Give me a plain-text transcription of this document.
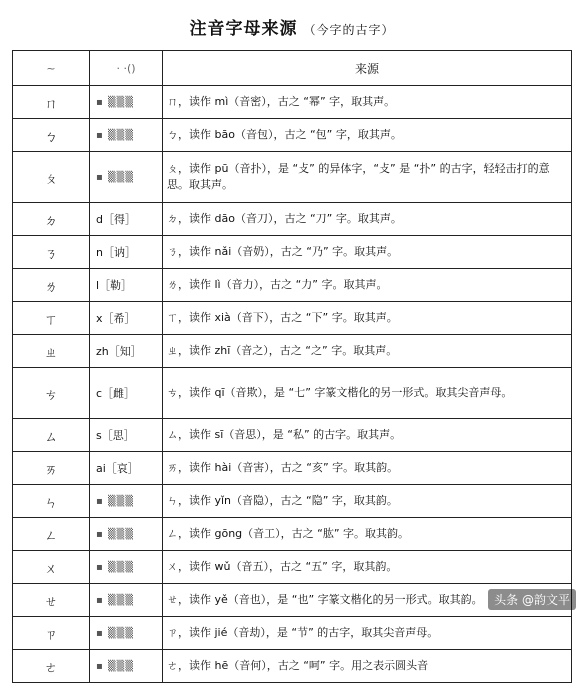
注音字母来源 （今字的古字）
~	· ·()	来源
ㄇ	▪ ▒▒▒	ㄇ，读作 mì（音密），古之 “幂” 字，取其声。
ㄅ	▪ ▒▒▒	ㄅ，读作 bāo（音包），古之 “包” 字，取其声。
ㄆ	▪ ▒▒▒	ㄆ，读作 pū（音扑），是 “攴” 的异体字，“攴” 是 “扑” 的古字，轻轻击打的意思。取其声。
ㄉ	d［得］	ㄉ，读作 dāo（音刀），古之 “刀” 字。取其声。
ㄋ	n［讷］	ㄋ，读作 nǎi（音奶），古之 “乃” 字。取其声。
ㄌ	l［勒］	ㄌ，读作 lì（音力），古之 “力” 字。取其声。
ㄒ	x［希］	ㄒ，读作 xià（音下），古之 “下” 字。取其声。
ㄓ	zh［知］	ㄓ，读作 zhī（音之），古之 “之” 字。取其声。
ㄘ	c［雌］	ㄘ，读作 qī（音欺），是 “七” 字篆文楷化的另一形式。取其尖音声母。
ㄙ	s［思］	ㄙ，读作 sī（音思），是 “私” 的古字。取其声。
ㄞ	ai［哀］	ㄞ，读作 hài（音害），古之 “亥” 字。取其韵。
ㄣ	▪ ▒▒▒	ㄣ，读作 yǐn（音隐），古之 “隐” 字，取其韵。
ㄥ	▪ ▒▒▒	ㄥ，读作 gōng（音工），古之 “肱” 字。取其韵。
ㄨ	▪ ▒▒▒	ㄨ，读作 wǔ（音五），古之 “五” 字，取其韵。
ㄝ	▪ ▒▒▒	ㄝ，读作 yě（音也），是 “也” 字篆文楷化的另一形式。取其韵。
ㄗ	▪ ▒▒▒	ㄗ，读作 jié（音劫），是 “节” 的古字，取其尖音声母。
ㄜ	▪ ▒▒▒	ㄜ，读作 hē（音何），古之 “呵” 字。用之表示圆头音
头条 @韵文平
